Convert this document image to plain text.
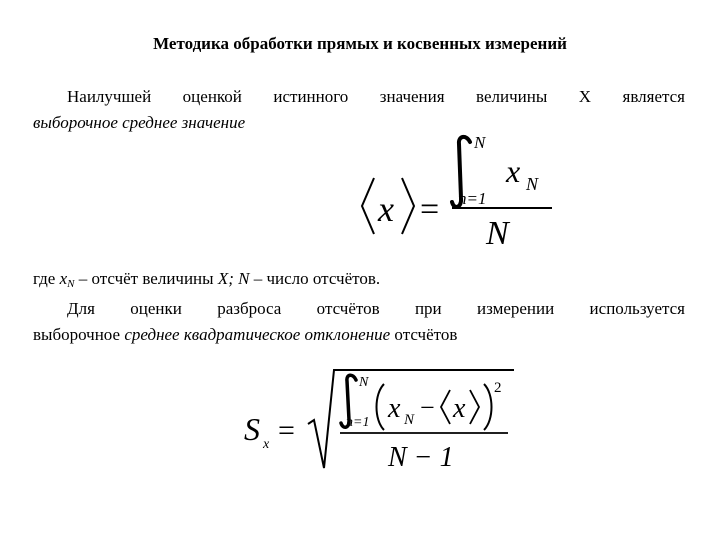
Методика обработки прямых и косвенных измерений
Наилучшей оценкой истинного значения величины X является
выборочное среднее значение
x =
N
n=1
x N
N
где $x_N$ – отсчёт величины X; N – число отсчётов.
Для оценки разброса отсчётов при измерении используется
выборочное среднее квадратическое отклонение отсчётов
S x =
N
n=1 x N − x
2
N − 1
